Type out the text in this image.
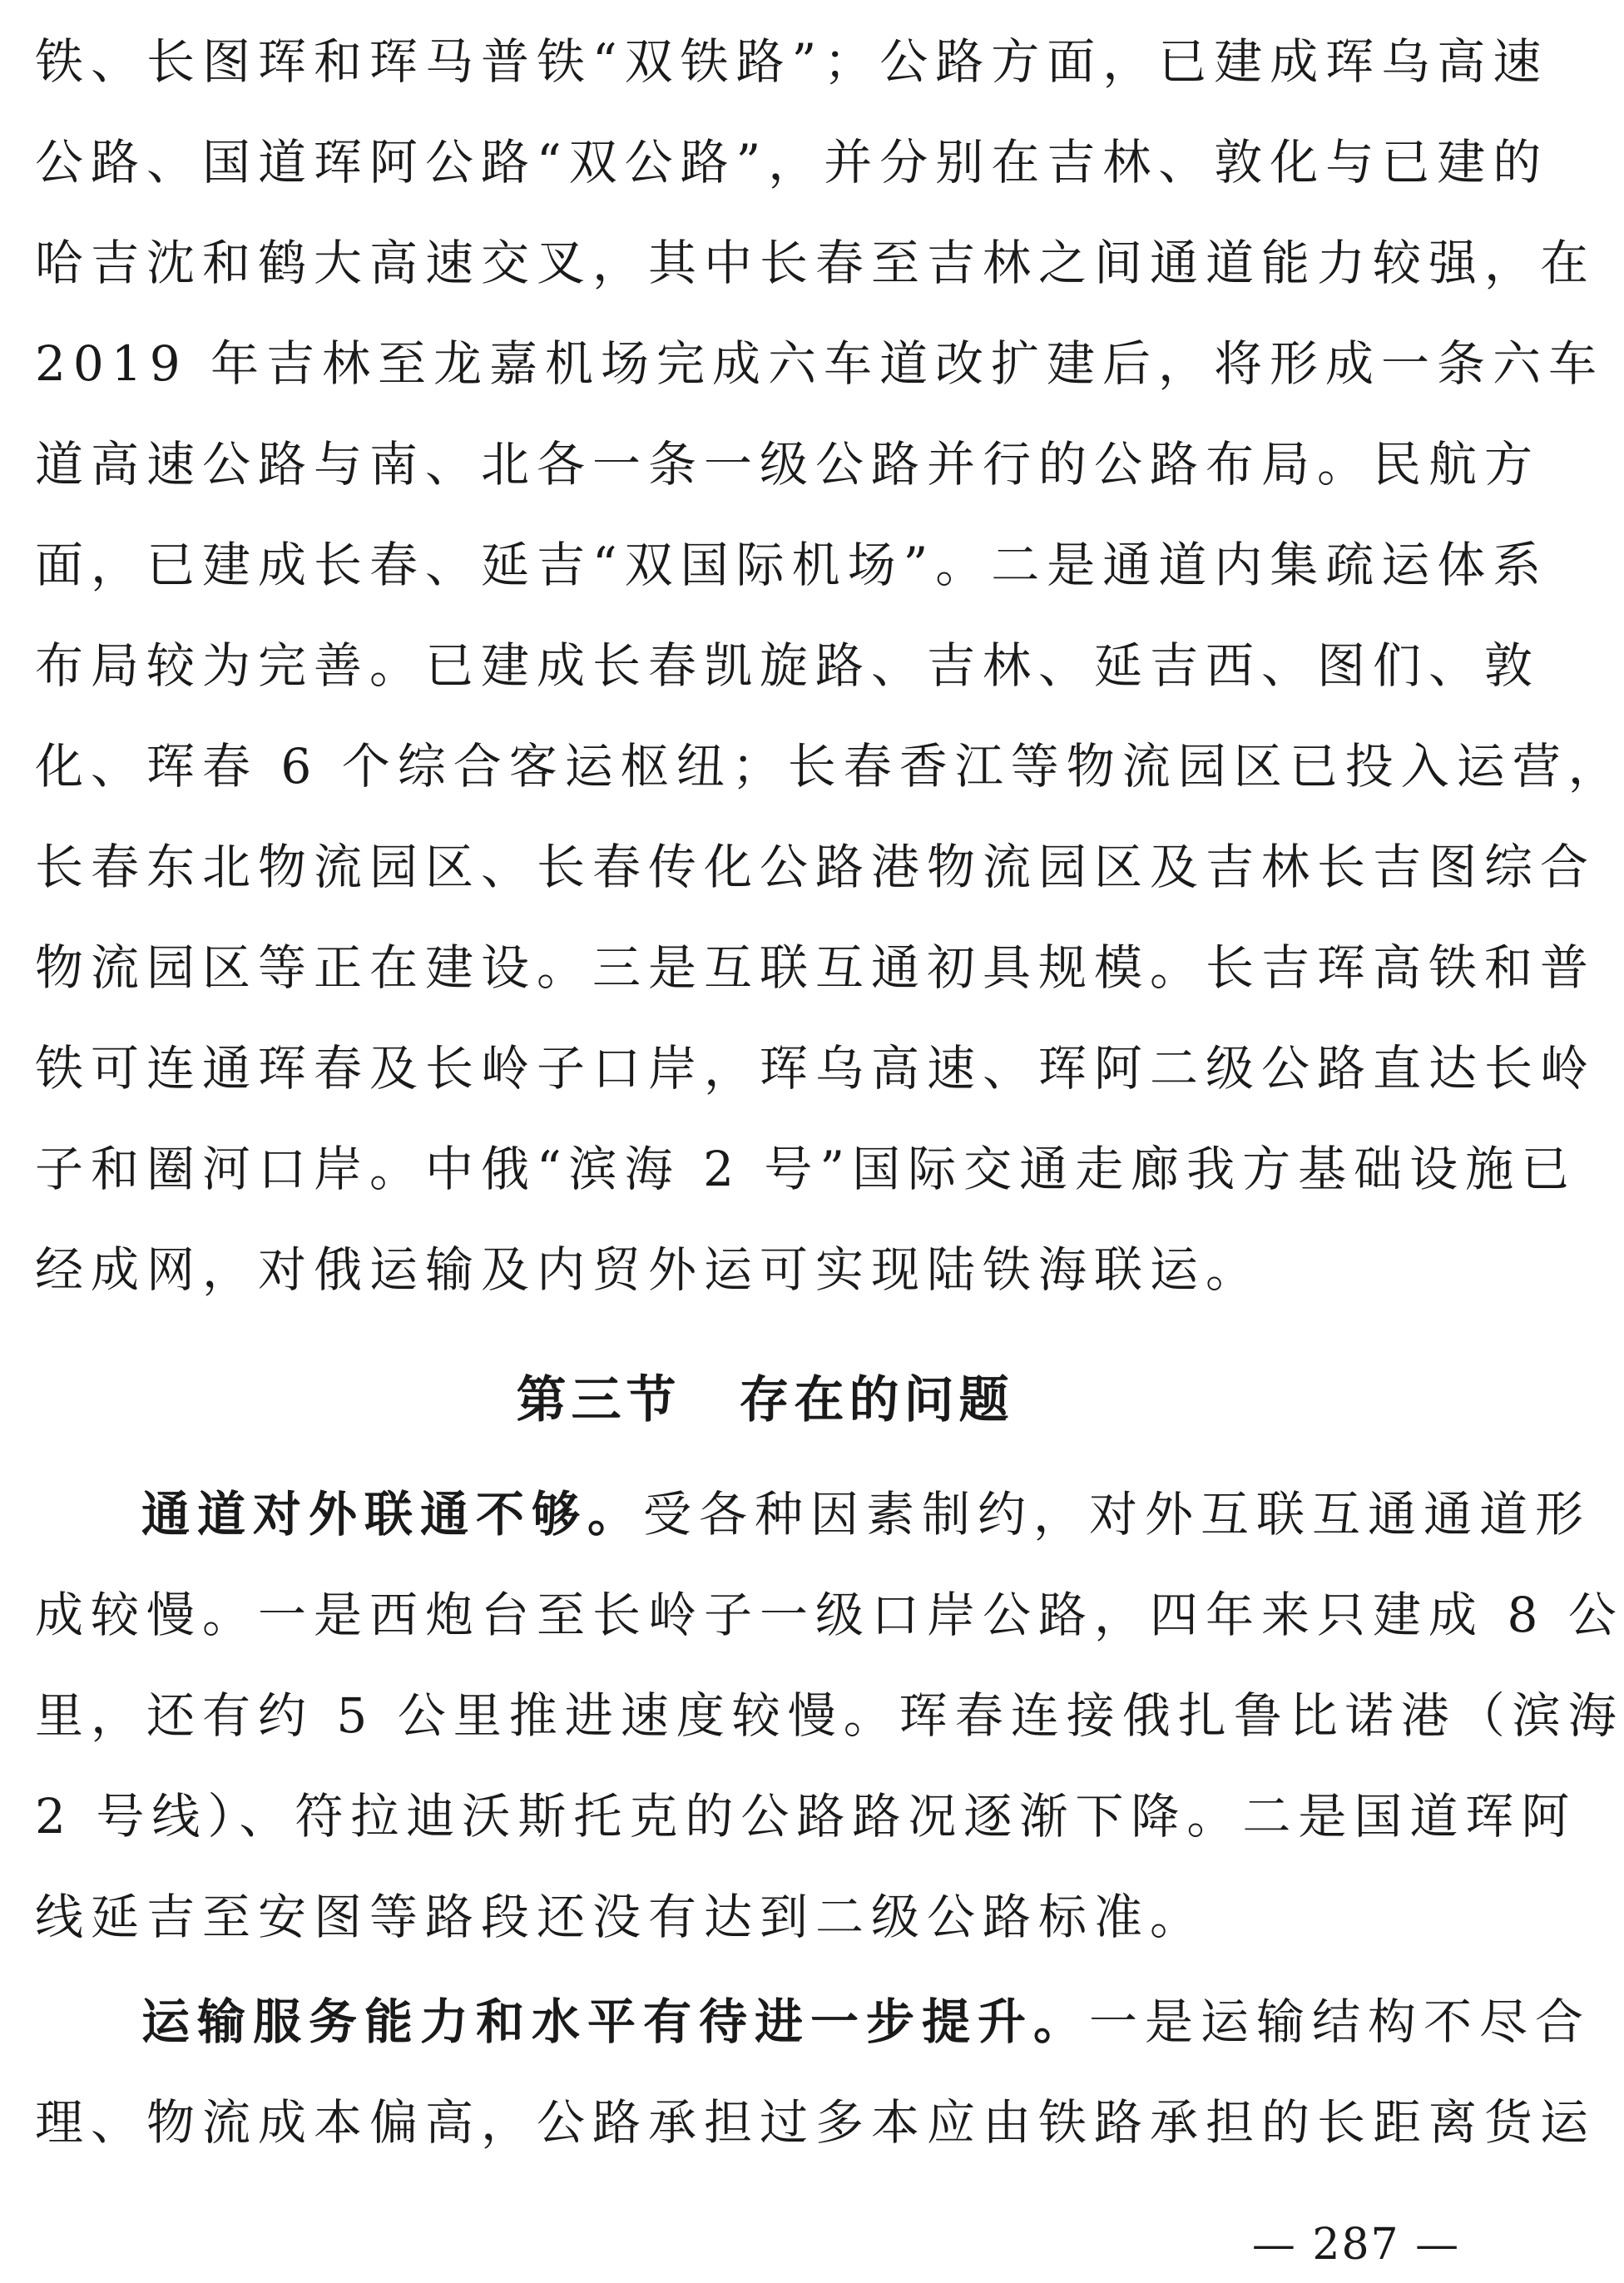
铁、长图珲和珲马普铁“双铁路”；公路方面，已建成珲乌高速
公路、国道珲阿公路“双公路”，并分别在吉林、敦化与已建的
哈吉沈和鹤大高速交叉，其中长春至吉林之间通道能力较强，在
2019 年吉林至龙嘉机场完成六车道改扩建后，将形成一条六车
道高速公路与南、北各一条一级公路并行的公路布局。民航方
面，已建成长春、延吉“双国际机场”。二是通道内集疏运体系
布局较为完善。已建成长春凯旋路、吉林、延吉西、图们、敦
化、珲春 6 个综合客运枢纽；长春香江等物流园区已投入运营，
长春东北物流园区、长春传化公路港物流园区及吉林长吉图综合
物流园区等正在建设。三是互联互通初具规模。长吉珲高铁和普
铁可连通珲春及长岭子口岸，珲乌高速、珲阿二级公路直达长岭
子和圈河口岸。中俄“滨海 2 号”国际交通走廊我方基础设施已
经成网，对俄运输及内贸外运可实现陆铁海联运。
第三节 存在的问题
通道对外联通不够。受各种因素制约，对外互联互通通道形
成较慢。一是西炮台至长岭子一级口岸公路，四年来只建成 8 公
里，还有约 5 公里推进速度较慢。珲春连接俄扎鲁比诺港（滨海
2 号线）、符拉迪沃斯托克的公路路况逐渐下降。二是国道珲阿
线延吉至安图等路段还没有达到二级公路标准。
运输服务能力和水平有待进一步提升。一是运输结构不尽合
理、物流成本偏高，公路承担过多本应由铁路承担的长距离货运
— 287 —
